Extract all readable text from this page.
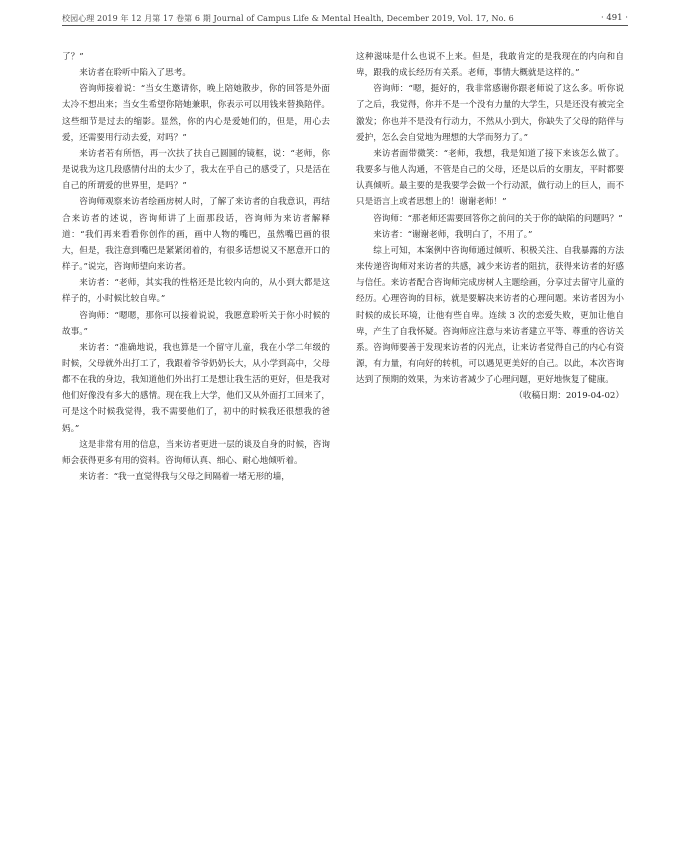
校园心理 2019 年 12 月第 17 卷第 6 期 Journal of Campus Life & Mental Health, December 2019, Vol. 17, No. 6	· 491 ·

了？”

来访者在聆听中陷入了思考。

咨询师接着说：“当女生邀请你，晚上陪她散步，你的回答是外面太冷不想出来；当女生希望你陪她兼职，你表示可以用钱来替换陪伴。这些细节是过去的缩影。显然，你的内心是爱她们的，但是，用心去爱，还需要用行动去爱，对吗？”

来访者若有所悟，再一次扶了扶自己圆圆的镜框，说：“老师，你是说我为这几段感情付出的太少了，我太在乎自己的感受了，只是活在自己的所谓爱的世界里，是吗？”

咨询师观察来访者绘画房树人时，了解了来访者的自我意识，再结合来访者的述说，咨询师讲了上面那段话，咨询师为来访者解释道：“我们再来看看你创作的画，画中人物的嘴巴，虽然嘴巴画的很大，但是，我注意到嘴巴是紧紧闭着的，有很多话想说又不愿意开口的样子。”说完，咨询师望向来访者。

来访者：“老师，其实我的性格还是比较内向的，从小到大都是这样子的，小时候比较自卑。”

咨询师：“嗯嗯，那你可以接着说说，我愿意聆听关于你小时候的故事。”

来访者：“准确地说，我也算是一个留守儿童，我在小学二年级的时候，父母就外出打工了，我跟着爷爷奶奶长大，从小学到高中，父母都不在我的身边，我知道他们外出打工是想让我生活的更好，但是我对他们好像没有多大的感情。现在我上大学，他们又从外面打工回来了，可是这个时候我觉得，我不需要他们了，初中的时候我还很想我的爸妈。”

这是非常有用的信息，当来访者更进一层的谈及自身的时候，咨询师会获得更多有用的资料。咨询师认真、细心、耐心地倾听着。

来访者：“我一直觉得我与父母之间隔着一堵无形的墙，

这种滋味是什么也说不上来。但是，我敢肯定的是我现在的内向和自卑，跟我的成长经历有关系。老师，事情大概就是这样的。”

咨询师：“嗯，挺好的，我非常感谢你跟老师说了这么多。听你说了之后，我觉得，你并不是一个没有力量的大学生，只是还没有被完全激发；你也并不是没有行动力，不然从小到大，你缺失了父母的陪伴与爱护，怎么会自觉地为理想的大学而努力了。”

来访者面带微笑：“老师，我想，我是知道了接下来该怎么做了。我要多与他人沟通，不管是自己的父母，还是以后的女朋友，平时都要认真倾听。最主要的是我要学会做一个行动派，做行动上的巨人，而不只是语言上或者思想上的！谢谢老师！”

咨询师：“那老师还需要回答你之前问的关于你的缺陷的问题吗？”

来访者：“谢谢老师，我明白了，不用了。”

综上可知，本案例中咨询师通过倾听、积极关注、自我暴露的方法来传递咨询师对来访者的共感，减少来访者的阻抗，获得来访者的好感与信任。来访者配合咨询师完成房树人主题绘画，分享过去留守儿童的经历。心理咨询的目标，就是要解决来访者的心理问题。来访者因为小时候的成长环境，让他有些自卑。连续 3 次的恋爱失败，更加让他自卑，产生了自我怀疑。咨询师应注意与来访者建立平等、尊重的咨访关系。咨询师要善于发现来访者的闪光点，让来访者觉得自己的内心有资源，有力量，有向好的转机，可以遇见更美好的自己。以此，本次咨询达到了预期的效果，为来访者减少了心理问题，更好地恢复了健康。

（收稿日期：2019-04-02）
